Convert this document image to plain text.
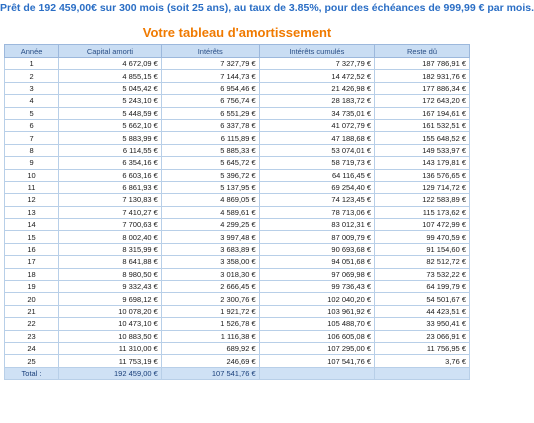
Prêt de 192 459,00€ sur 300 mois (soit 25 ans), au taux de 3.85%, pour des échéances de 999,99 € par mois.
Votre tableau d'amortissement
Année	Capital amorti	Intérêts	Intérêts cumulés	Reste dû
1	4 672,09 €	7 327,79 €	7 327,79 €	187 786,91 €
2	4 855,15 €	7 144,73 €	14 472,52 €	182 931,76 €
3	5 045,42 €	6 954,46 €	21 426,98 €	177 886,34 €
4	5 243,10 €	6 756,74 €	28 183,72 €	172 643,20 €
5	5 448,59 €	6 551,29 €	34 735,01 €	167 194,61 €
6	5 662,10 €	6 337,78 €	41 072,79 €	161 532,51 €
7	5 883,99 €	6 115,89 €	47 188,68 €	155 648,52 €
8	6 114,55 €	5 885,33 €	53 074,01 €	149 533,97 €
9	6 354,16 €	5 645,72 €	58 719,73 €	143 179,81 €
10	6 603,16 €	5 396,72 €	64 116,45 €	136 576,65 €
11	6 861,93 €	5 137,95 €	69 254,40 €	129 714,72 €
12	7 130,83 €	4 869,05 €	74 123,45 €	122 583,89 €
13	7 410,27 €	4 589,61 €	78 713,06 €	115 173,62 €
14	7 700,63 €	4 299,25 €	83 012,31 €	107 472,99 €
15	8 002,40 €	3 997,48 €	87 009,79 €	99 470,59 €
16	8 315,99 €	3 683,89 €	90 693,68 €	91 154,60 €
17	8 641,88 €	3 358,00 €	94 051,68 €	82 512,72 €
18	8 980,50 €	3 018,30 €	97 069,98 €	73 532,22 €
19	9 332,43 €	2 666,45 €	99 736,43 €	64 199,79 €
20	9 698,12 €	2 300,76 €	102 040,20 €	54 501,67 €
21	10 078,20 €	1 921,72 €	103 961,92 €	44 423,51 €
22	10 473,10 €	1 526,78 €	105 488,70 €	33 950,41 €
23	10 883,50 €	1 116,38 €	106 605,08 €	23 066,91 €
24	11 310,00 €	689,92 €	107 295,00 €	11 756,95 €
25	11 753,19 €	246,69 €	107 541,76 €	3,76 €
Total :	192 459,00 €	107 541,76 €		
